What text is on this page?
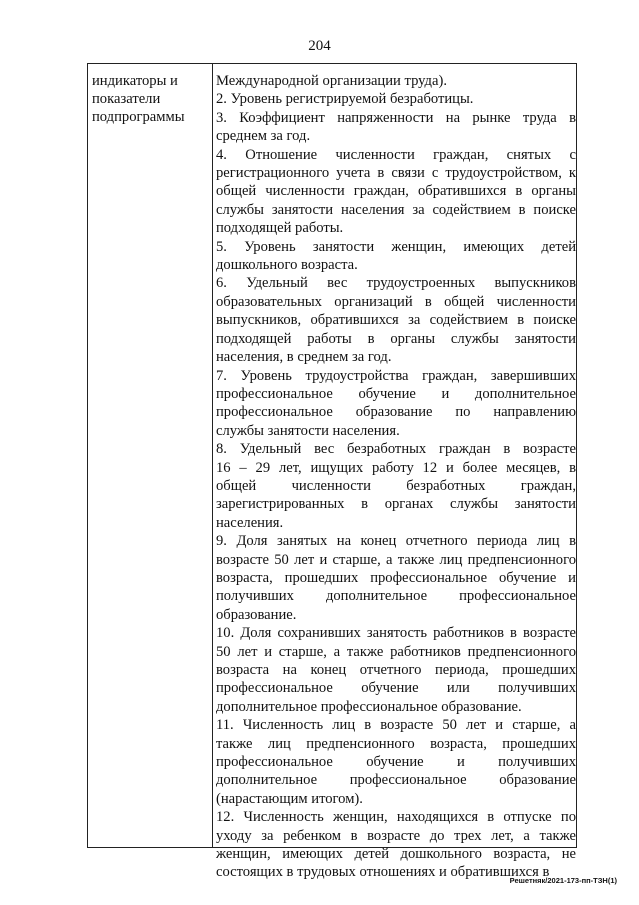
204
индикаторы и
показатели
подпрограммы
Международной организации труда).
2. Уровень регистрируемой безработицы.
3. Коэффициент напряженности на рынке труда в
среднем за год.
4. Отношение численности граждан, снятых с
регистрационного учета в связи с трудоустройством, к
общей численности граждан, обратившихся в органы
службы занятости населения за содействием в поиске
подходящей работы.
5. Уровень занятости женщин, имеющих детей
дошкольного возраста.
6. Удельный вес трудоустроенных выпускников
образовательных организаций в общей численности
выпускников, обратившихся за содействием в поиске
подходящей работы в органы службы занятости
населения, в среднем за год.
7. Уровень трудоустройства граждан, завершивших
профессиональное обучение и дополнительное
профессиональное образование по направлению
службы занятости населения.
8. Удельный вес безработных граждан в возрасте
16 – 29 лет, ищущих работу 12 и более месяцев, в
общей численности безработных граждан,
зарегистрированных в органах службы занятости
населения.
9. Доля занятых на конец отчетного периода лиц в
возрасте 50 лет и старше, а также лиц предпенсионного
возраста, прошедших профессиональное обучение и
получивших дополнительное профессиональное
образование.
10. Доля сохранивших занятость работников в возрасте
50 лет и старше, а также работников предпенсионного
возраста на конец отчетного периода, прошедших
профессиональное обучение или получивших
дополнительное профессиональное образование.
11. Численность лиц в возрасте 50 лет и старше, а
также лиц предпенсионного возраста, прошедших
профессиональное обучение и получивших
дополнительное профессиональное образование
(нарастающим итогом).
12. Численность женщин, находящихся в отпуске по
уходу за ребенком в возрасте до трех лет, а также
женщин, имеющих детей дошкольного возраста, не
состоящих в трудовых отношениях и обратившихся в
Решетняк/2021-173-пп-ТЗН(1)
